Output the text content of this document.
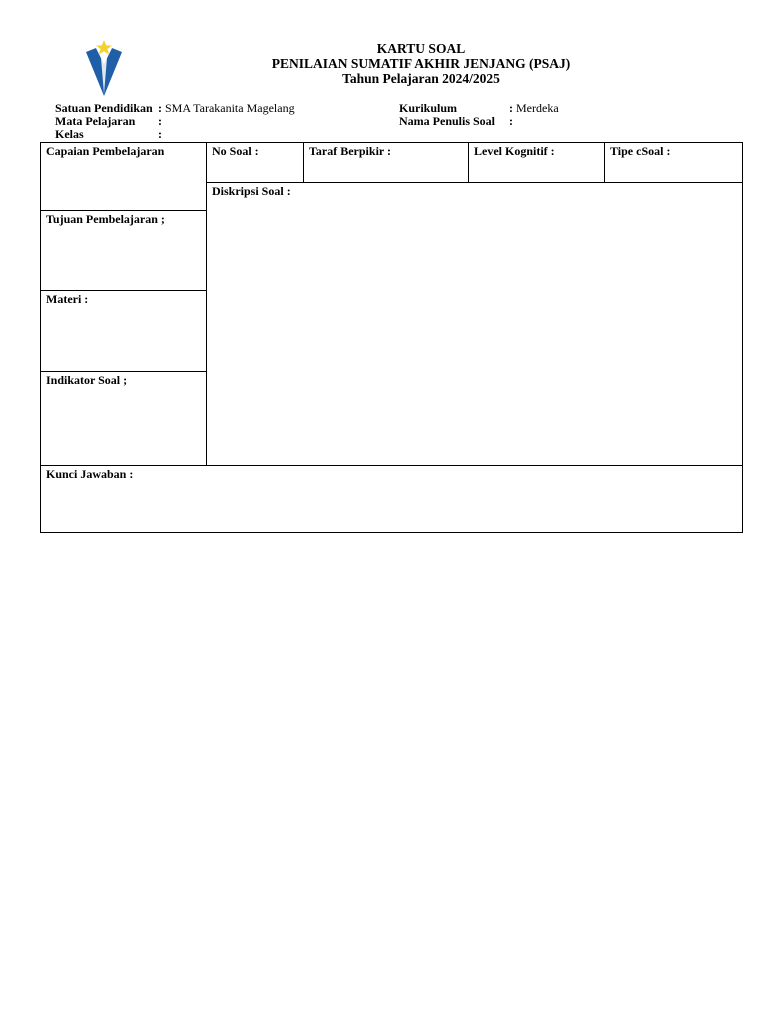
KARTU SOAL
PENILAIAN SUMATIF AKHIR JENJANG (PSAJ)
Tahun Pelajaran 2024/2025
Satuan Pendidikan : SMA Tarakanita Magelang
Mata Pelajaran :
Kelas	:
Kurikulum	: Merdeka
Nama Penulis Soal :
Capaian Pembelajaran
Tujuan Pembelajaran ;
Materi :
Indikator Soal ;
No Soal :	Taraf Berpikir :	Level Kognitif :	Tipe cSoal :
Diskripsi Soal :
Kunci Jawaban :
